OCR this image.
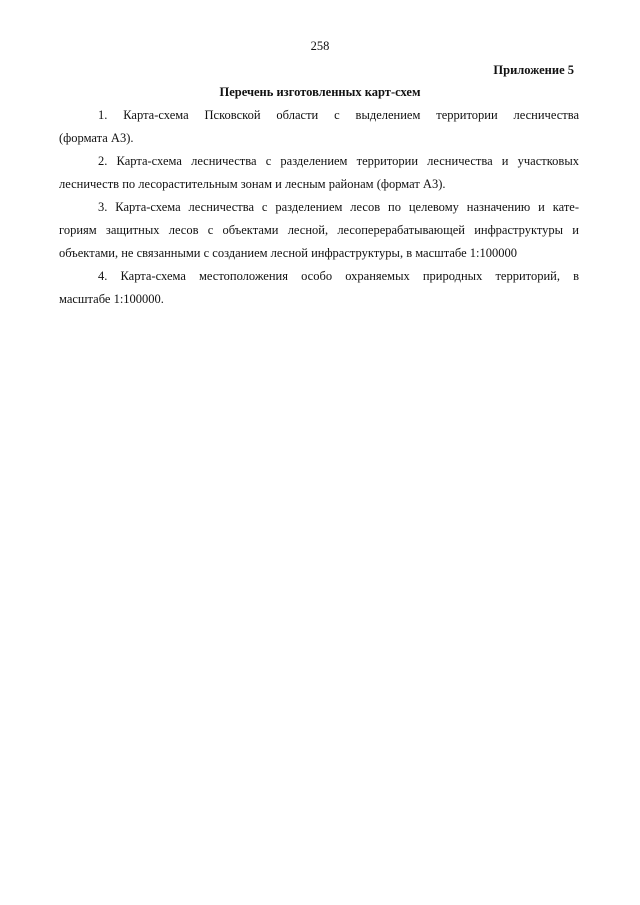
258
Приложение 5
Перечень изготовленных карт-схем

1. Карта-схема Псковской области с выделением территории лесничества
(формата А3).

2. Карта-схема лесничества с разделением территории лесничества и участковых
лесничеств по лесорастительным зонам и лесным районам (формат А3).

3. Карта-схема лесничества с разделением лесов по целевому назначению и кате-
гориям защитных лесов с объектами лесной, лесоперерабатывающей инфраструктуры и
объектами, не связанными с созданием лесной инфраструктуры, в масштабе 1:100000

4. Карта-схема местоположения особо охраняемых природных территорий, в
масштабе 1:100000.
